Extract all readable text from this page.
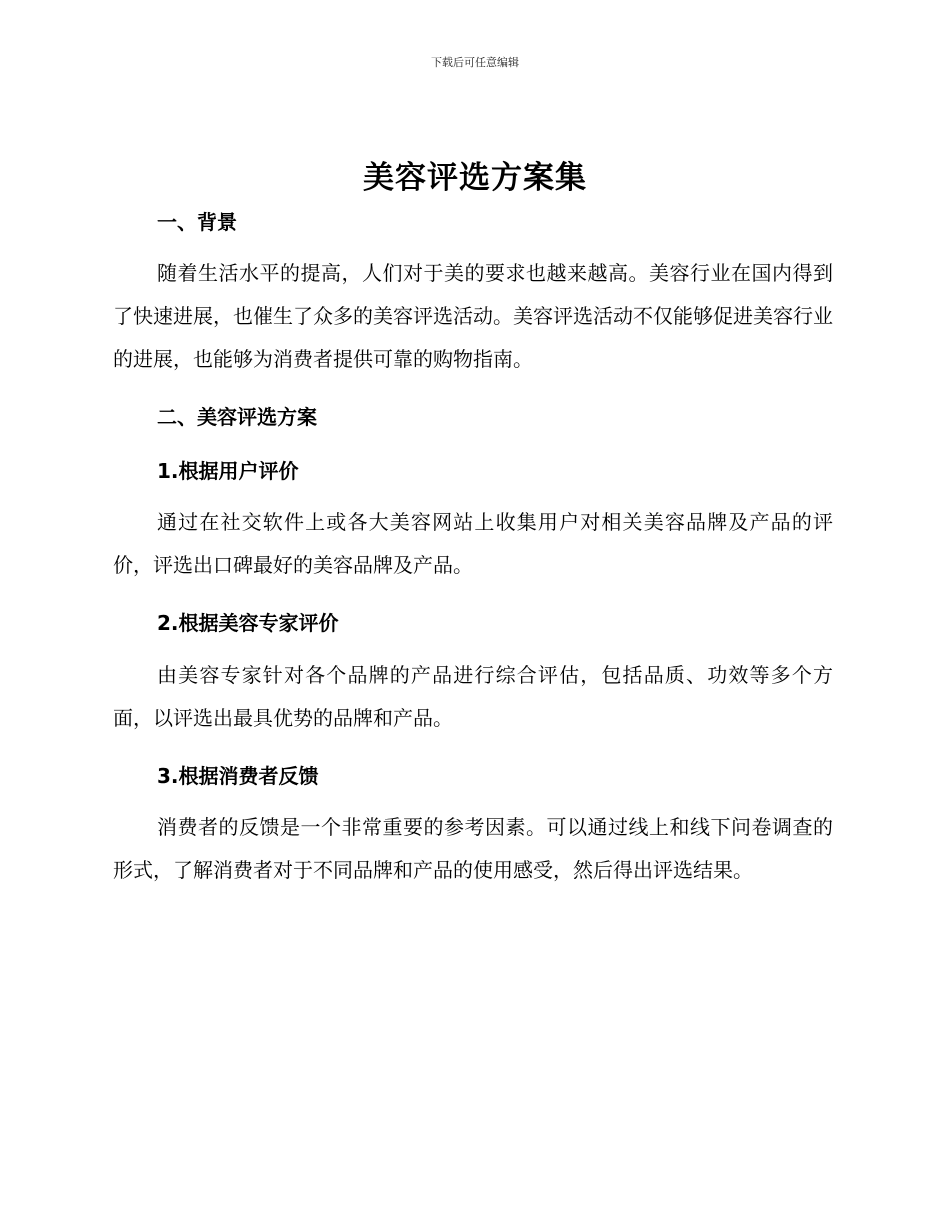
下载后可任意编辑
美容评选方案集
一、背景
随着生活水平的提高，人们对于美的要求也越来越高。美容行业在国内得到了快速进展，也催生了众多的美容评选活动。美容评选活动不仅能够促进美容行业的进展，也能够为消费者提供可靠的购物指南。
二、美容评选方案
1.根据用户评价
通过在社交软件上或各大美容网站上收集用户对相关美容品牌及产品的评价，评选出口碑最好的美容品牌及产品。
2.根据美容专家评价
由美容专家针对各个品牌的产品进行综合评估，包括品质、功效等多个方面，以评选出最具优势的品牌和产品。
3.根据消费者反馈
消费者的反馈是一个非常重要的参考因素。可以通过线上和线下问卷调查的形式，了解消费者对于不同品牌和产品的使用感受，然后得出评选结果。
